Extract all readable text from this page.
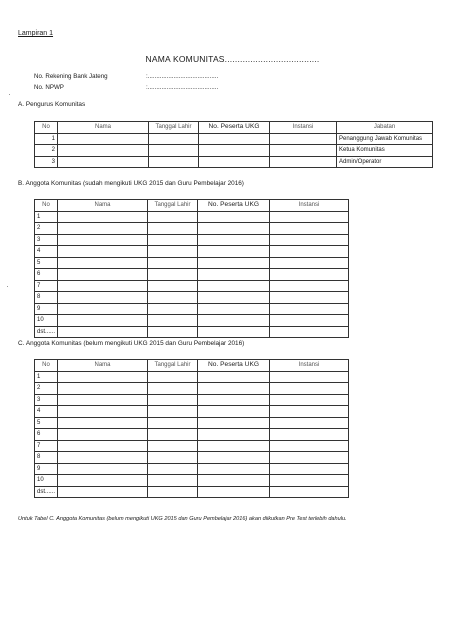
Lampiran 1
NAMA KOMUNITAS.....................................
No. Rekening Bank Jateng	:.........................................
No. NPWP	:.........................................
A. Pengurus Komunitas
No	Nama	Tanggal Lahir	No. Peserta UKG	Instansi	Jabatan
1					Penanggung Jawab Komunitas
2					Ketua Komunitas
3					Admin/Operator
B. Anggota Komunitas (sudah mengikuti UKG 2015 dan Guru Pembelajar 2016)
No	Nama	Tanggal Lahir	No. Peserta UKG	Instansi
1				
2				
3				
4				
5				
6				
7				
8				
9				
10				
dst......				
C. Anggota Komunitas (belum mengikuti UKG 2015 dan Guru Pembelajar 2016)
No	Nama	Tanggal Lahir	No. Peserta UKG	Instansi
1				
2				
3				
4				
5				
6				
7				
8				
9				
10				
dst......				
Untuk Tabel C. Anggota Komunitas (belum mengikuti UKG 2015 dan Guru Pembelajar 2016) akan diikutkan Pre Test terlebih dahulu.
